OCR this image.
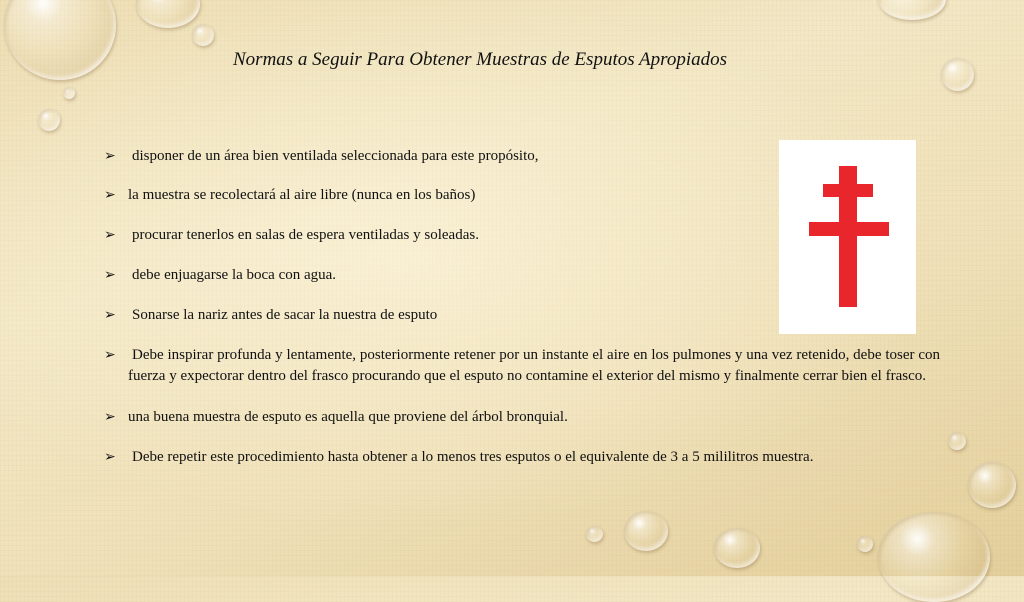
Normas a Seguir Para Obtener Muestras de Esputos Apropiados
➢ disponer de un área bien ventilada seleccionada para este propósito,
➢ la muestra se recolectará al aire libre (nunca en los baños)
➢ procurar tenerlos en salas de espera ventiladas y soleadas.
➢ debe enjuagarse la boca con agua.
➢ Sonarse la nariz antes de sacar la nuestra de esputo
➢ Debe inspirar profunda y lentamente, posteriormente retener por un instante el aire en los pulmones y una vez retenido, debe toser con fuerza y expectorar dentro del frasco procurando que el esputo no contamine el exterior del mismo y finalmente cerrar bien el frasco.
➢ una buena muestra de esputo es aquella que proviene del árbol bronquial.
➢ Debe repetir este procedimiento hasta obtener a lo menos tres esputos o el equivalente de 3 a 5 mililitros muestra.
